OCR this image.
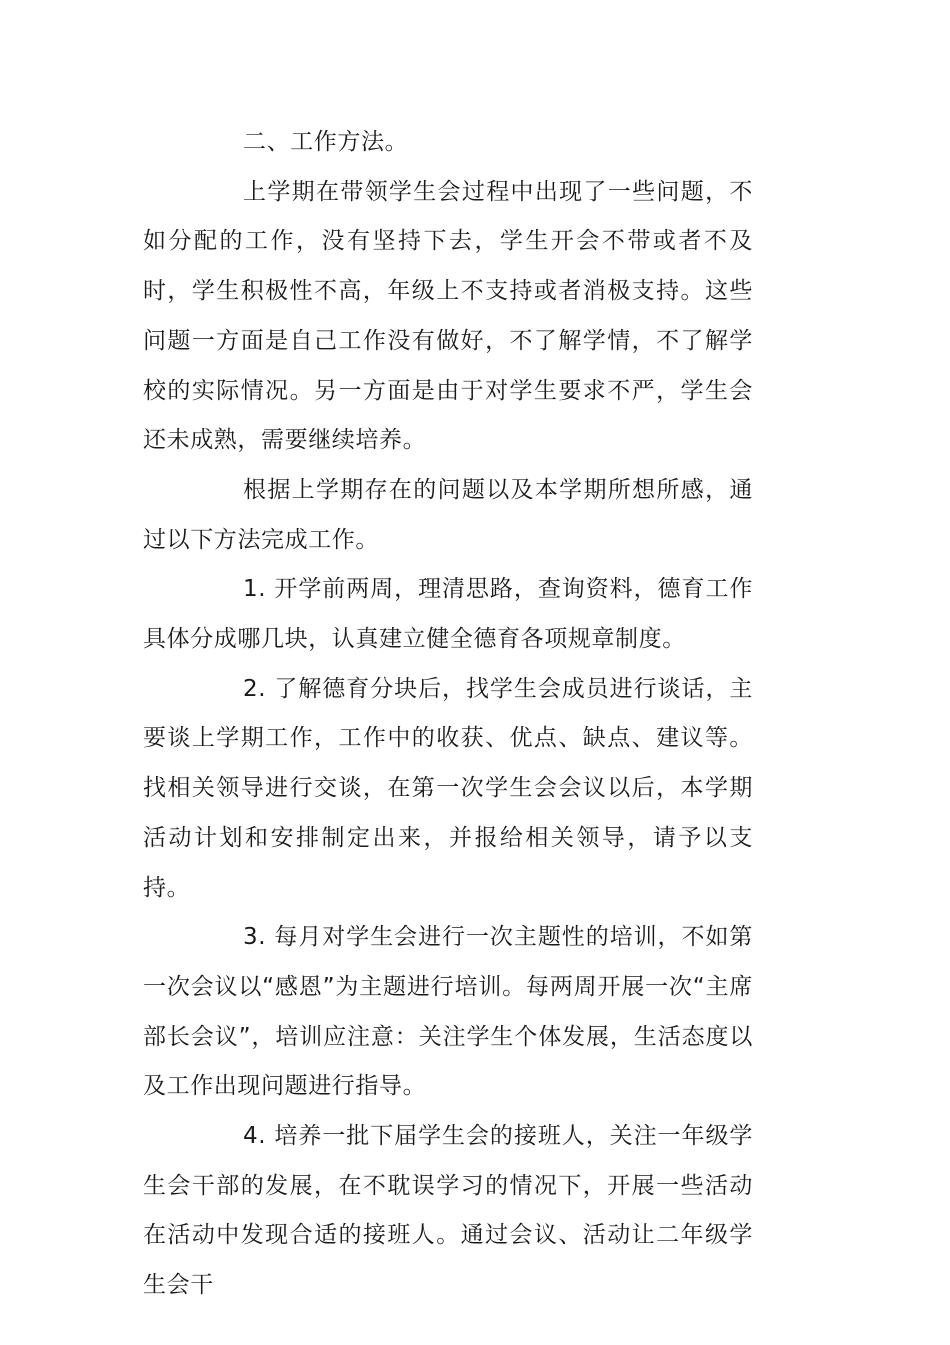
二、工作方法。

上学期在带领学生会过程中出现了一些问题，不如分配的工作，没有坚持下去，学生开会不带或者不及时，学生积极性不高，年级上不支持或者消极支持。这些问题一方面是自己工作没有做好，不了解学情，不了解学校的实际情况。另一方面是由于对学生要求不严，学生会还未成熟，需要继续培养。

根据上学期存在的问题以及本学期所想所感，通过以下方法完成工作。

1. 开学前两周，理清思路，查询资料，德育工作具体分成哪几块，认真建立健全德育各项规章制度。

2. 了解德育分块后，找学生会成员进行谈话，主要谈上学期工作，工作中的收获、优点、缺点、建议等。找相关领导进行交谈，在第一次学生会会议以后，本学期活动计划和安排制定出来，并报给相关领导，请予以支持。

3. 每月对学生会进行一次主题性的培训，不如第一次会议以“感恩”为主题进行培训。每两周开展一次“主席部长会议”，培训应注意：关注学生个体发展，生活态度以及工作出现问题进行指导。

4. 培养一批下届学生会的接班人，关注一年级学生会干部的发展，在不耽误学习的情况下，开展一些活动在活动中发现合适的接班人。通过会议、活动让二年级学生会干
